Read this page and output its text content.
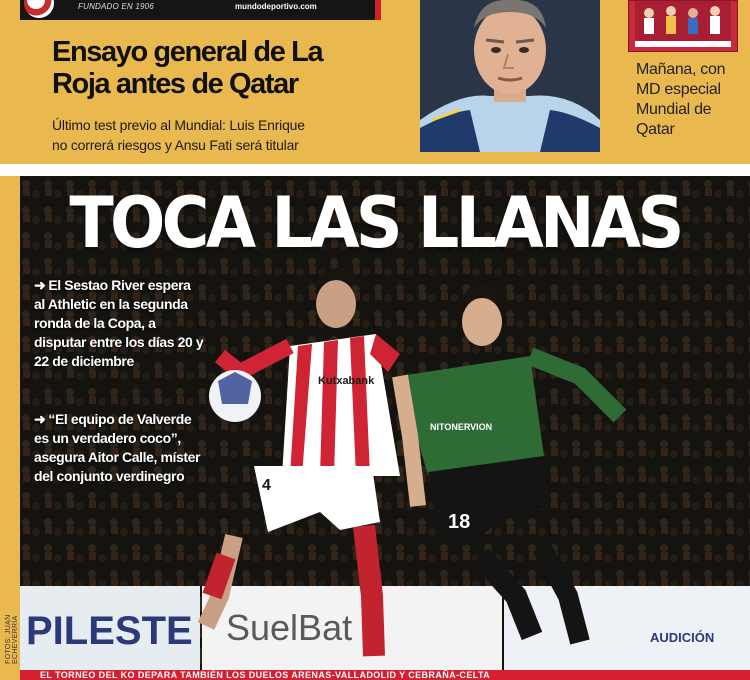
FUNDADO EN 1906	mundodeportivo.com
Ensayo general de La Roja antes de Qatar

Último test previo al Mundial: Luis Enrique no correrá riesgos y Ansu Fati será titular

Mañana, con MD especial Mundial de Qatar

PILESTE SuelBat	AUDICIÓN
Kutxabank
4
NITONERVION
18
TOCA LAS LLANAS

➜ El Sestao River espera al Athletic en la segunda ronda de la Copa, a disputar entre los días 20 y 22 de diciembre

➜ “El equipo de Valverde es un verdadero coco”, asegura Aitor Calle, míster del conjunto verdinegro

FOTOS: JUAN ECHEVERRÍA
EL TORNEO DEL KO DEPARA TAMBIÉN LOS DUELOS ARENAS-VALLADOLID Y CEBRAÑA-CELTA
